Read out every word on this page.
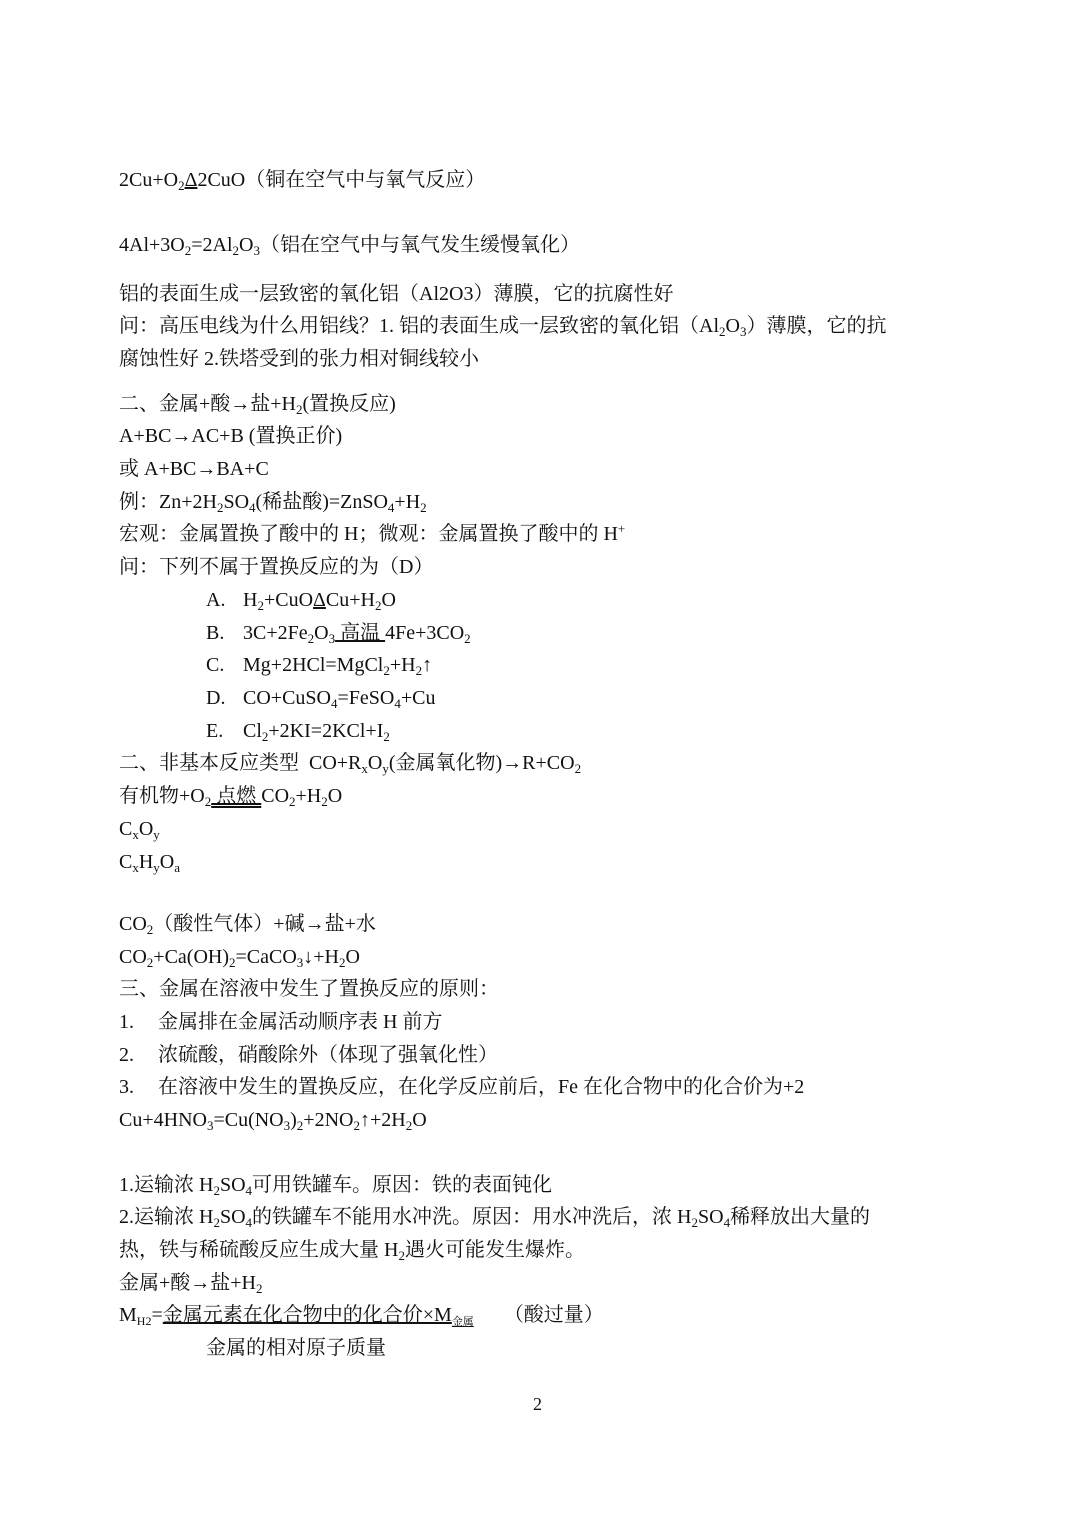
$2Cu+O_2\Delta 2CuO$（铜在空气中与氧气反应）
$4Al+3O_2=2Al_2O_3$（铝在空气中与氧气发生缓慢氧化）
铝的表面生成一层致密的氧化铝（Al2O3）薄膜，它的抗腐性好
问：高压电线为什么用铝线？1. 铝的表面生成一层致密的氧化铝$(Al_2O_3)$薄膜，它的抗
腐蚀性好 2.铁塔受到的张力相对铜线较小
二、金属+酸→盐$+H_2$(置换反应)
A+BC→AC+B (置换正价)
或 A+BC→BA+C
例：$Zn+2H_2SO_4$(稀盐酸)$=ZnSO_4+H_2$
宏观：金属置换了酸中的 H；微观：金属置换了酸中的 H+
问：下列不属于置换反应的为（D）
A. $H_2+CuO\Delta Cu+H_2O$
B. $3C+2Fe_2O_3$ 高温 $4Fe+3CO_2$
C. $Mg+2HCl=MgCl_2+H_2↑$
D. CO+CuSO$_4$=FeSO$_4$+Cu
E. $Cl_2+2KI=2KCl+I_2$
二、非基本反应类型  $CO+R_xO_y$(金属氧化物)$\to R+CO_2$
有机物$+O_2$ 点燃 $CO_2+H_2O$
$C_xO_y$
$C_xH_yO_a$
$CO_2$（酸性气体）+碱→盐+水
$CO_2+Ca(OH)_2=CaCO_3↓+H_2O$
三、金属在溶液中发生了置换反应的原则：
1. 金属排在金属活动顺序表 H 前方
2. 浓硫酸，硝酸除外（体现了强氧化性）
3. 在溶液中发生的置换反应，在化学反应前后，Fe 在化合物中的化合价为+2
$Cu+4HNO_3=Cu(NO_3)_2+2NO_2↑+2H_2O$
1.运输浓 $H_2SO_4$可用铁罐车。原因：铁的表面钝化
2.运输浓 $H_2SO_4$的铁罐车不能用水冲洗。原因：用水冲洗后，浓 $H_2SO_4$稀释放出大量的
热，铁与稀硫酸反应生成大量 $H_2$遇火可能发生爆炸。
金属+酸→盐$+H_2$
$M_{H2}=$金属元素在化合物中的化合价$\times M_{金属}$      （酸过量）
金属的相对原子质量
2
